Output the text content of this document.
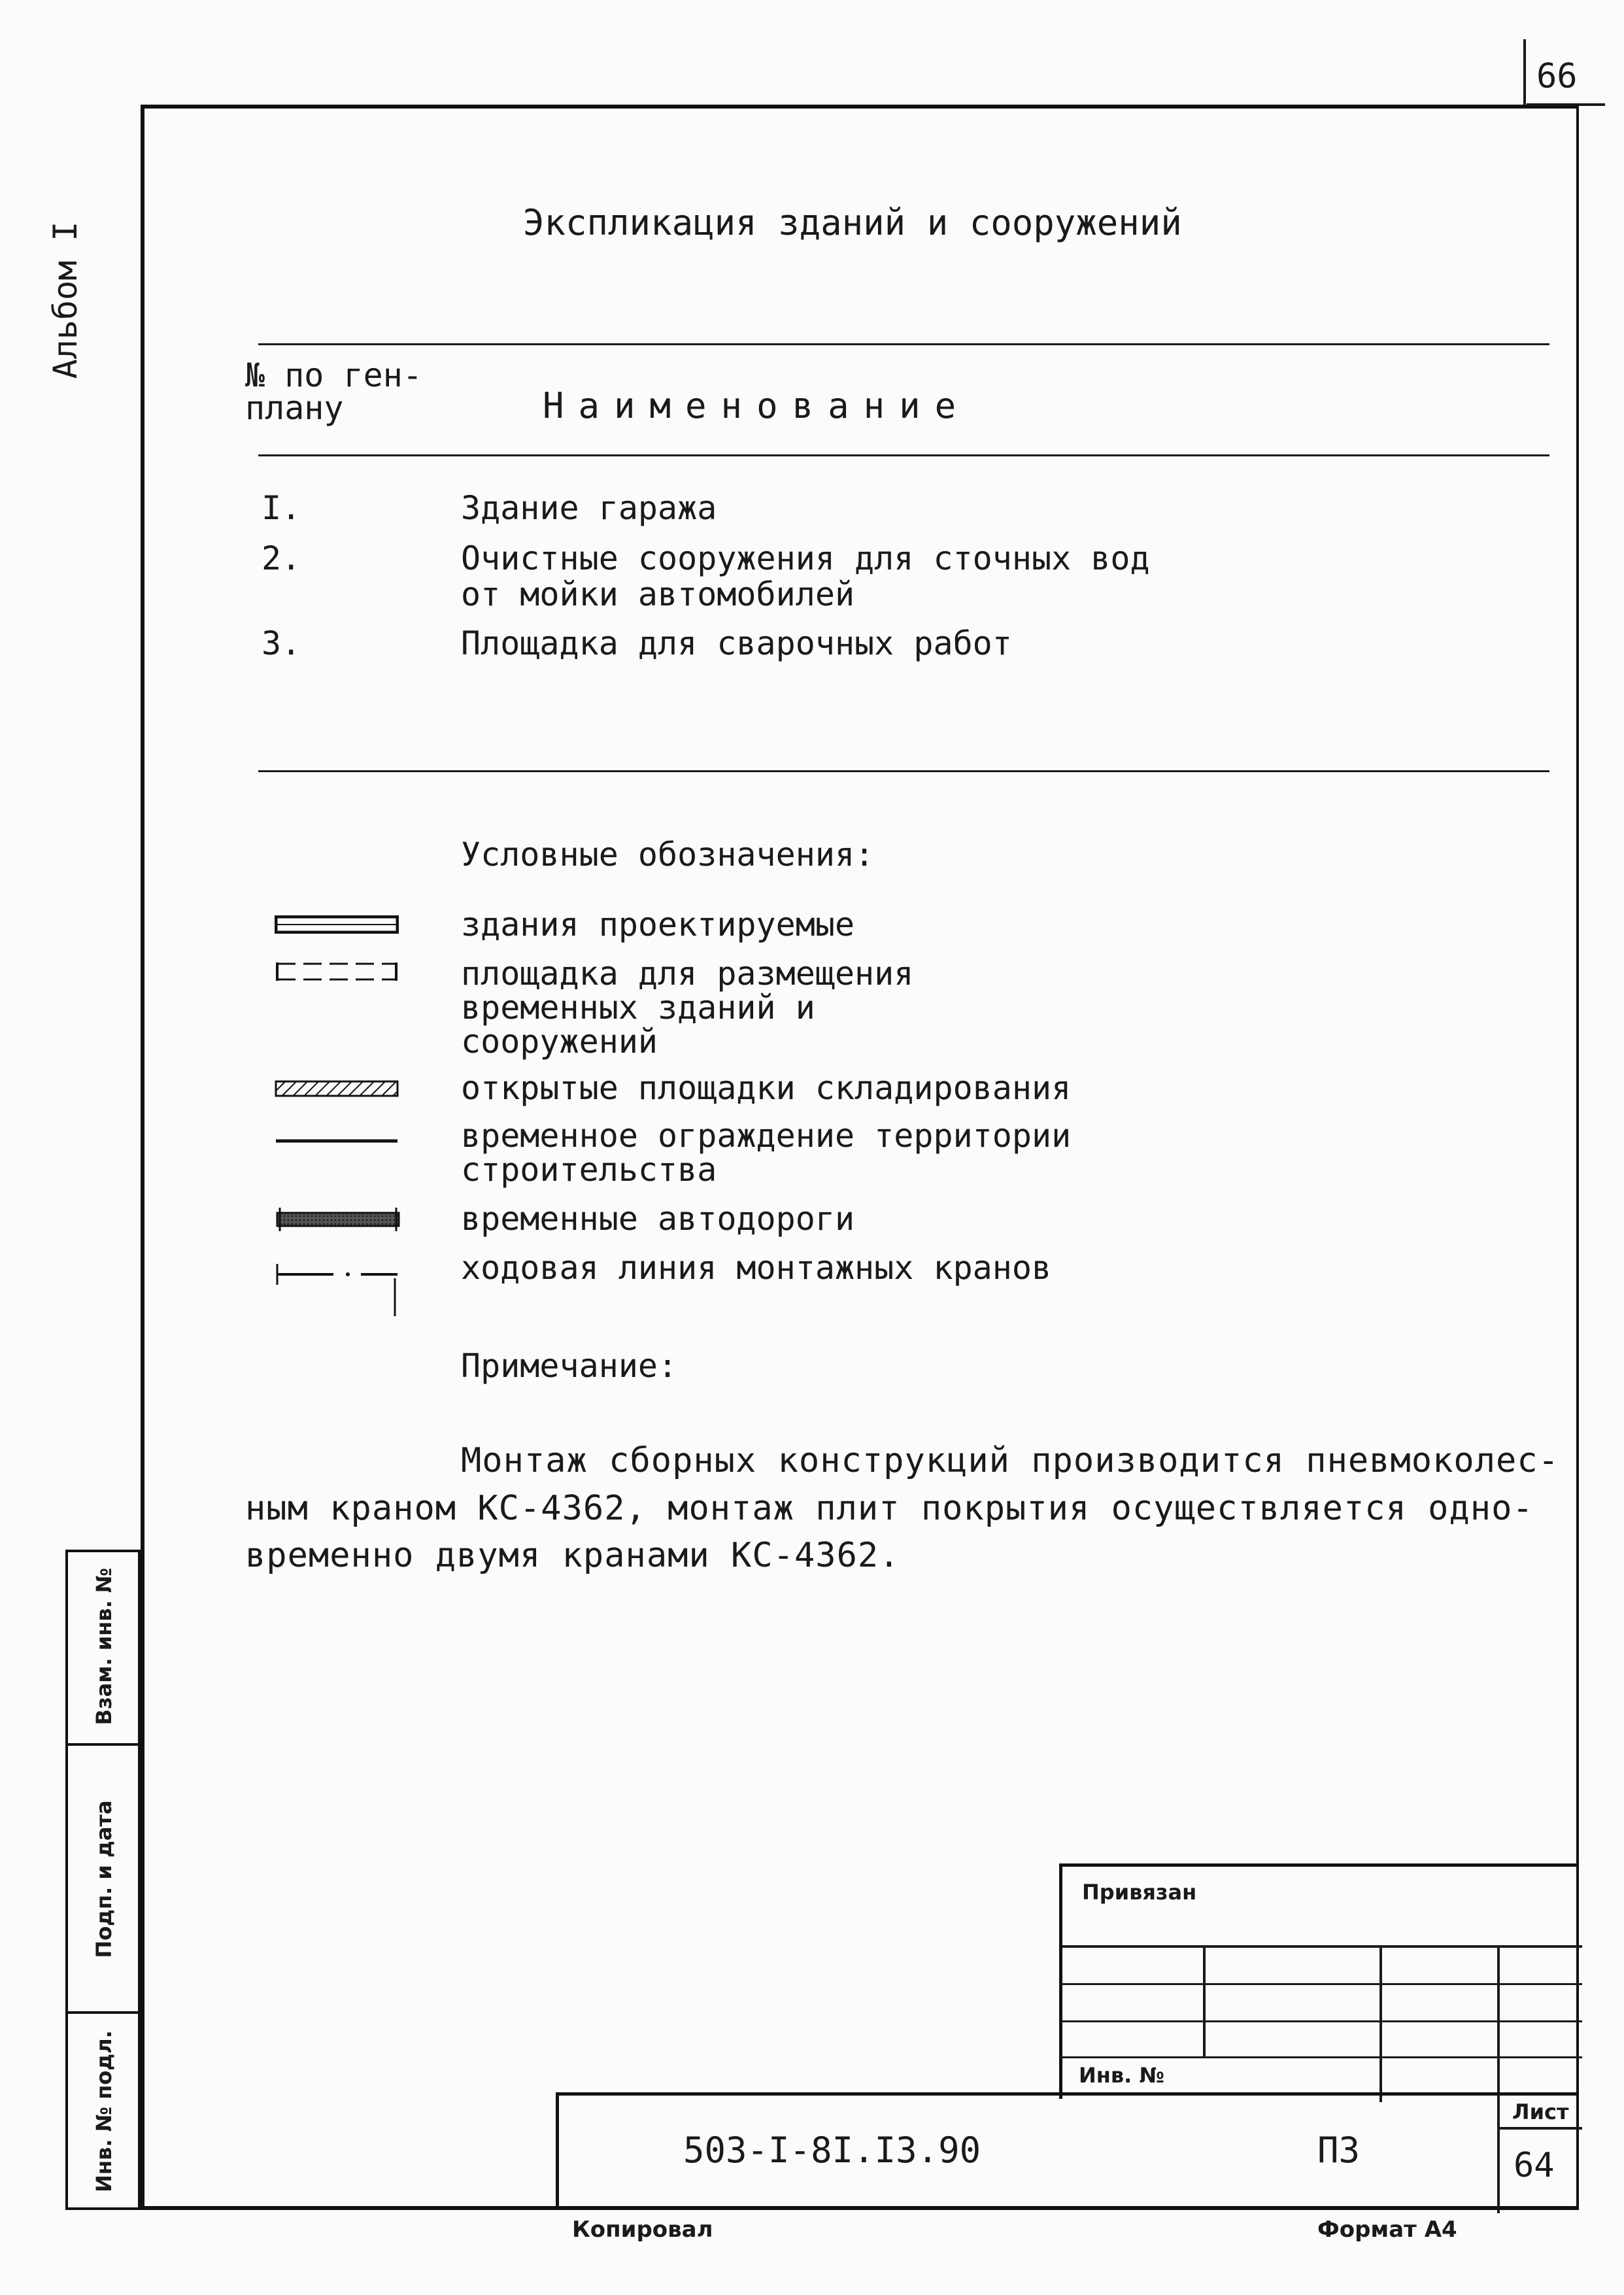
66
Альбом I	Экспликация зданий и сооружений
№ по ген-
плану	Наименование
I.	Здание гаража
2.	Очистные сооружения для сточных вод
от мойки автомобилей
3.	Площадка для сварочных работ
Условные обозначения:
здания проектируемые
площадка для размещения
временных зданий и
сооружений
открытые площадки складирования
временное ограждение территории
строительства
временные автодороги
ходовая линия монтажных кранов
Примечание:
Монтаж сборных конструкций производится пневмоколес-
ным краном КС-4362, монтаж плит покрытия осуществляется одно-
временно двумя кранами КС-4362.
Взам. инв. №
Подп. и дата
Инв. № подл.
Привязан
Инв. №
503-I-8I.I3.90	ПЗ
Лист
64
Копировал	Формат А4
